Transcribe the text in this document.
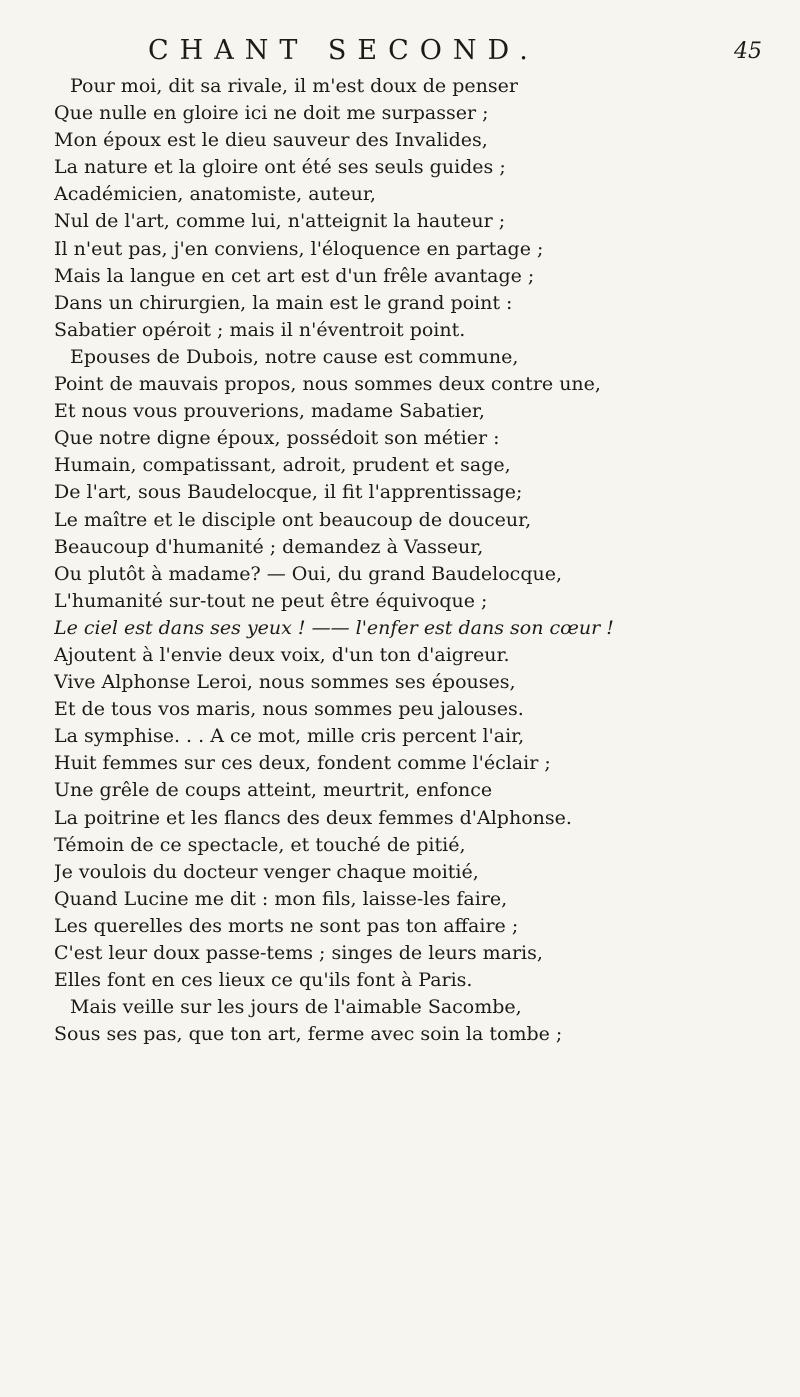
CHANT SECOND.	45
Pour moi, dit sa rivale, il m'est doux de penser
Que nulle en gloire ici ne doit me surpasser ;
Mon époux est le dieu sauveur des Invalides,
La nature et la gloire ont été ses seuls guides ;
Académicien, anatomiste, auteur,
Nul de l'art, comme lui, n'atteignit la hauteur ;
Il n'eut pas, j'en conviens, l'éloquence en partage ;
Mais la langue en cet art est d'un frêle avantage ;
Dans un chirurgien, la main est le grand point :
Sabatier opéroit ; mais il n'éventroit point.
Epouses de Dubois, notre cause est commune,
Point de mauvais propos, nous sommes deux contre une,
Et nous vous prouverions, madame Sabatier,
Que notre digne époux, possédoit son métier :
Humain, compatissant, adroit, prudent et sage,
De l'art, sous Baudelocque, il fit l'apprentissage;
Le maître et le disciple ont beaucoup de douceur,
Beaucoup d'humanité ; demandez à Vasseur,
Ou plutôt à madame? — Oui, du grand Baudelocque,
L'humanité sur-tout ne peut être équivoque ;
Le ciel est dans ses yeux ! —— l'enfer est dans son cœur !
Ajoutent à l'envie deux voix, d'un ton d'aigreur.
Vive Alphonse Leroi, nous sommes ses épouses,
Et de tous vos maris, nous sommes peu jalouses.
La symphise. . . A ce mot, mille cris percent l'air,
Huit femmes sur ces deux, fondent comme l'éclair ;
Une grêle de coups atteint, meurtrit, enfonce
La poitrine et les flancs des deux femmes d'Alphonse.
Témoin de ce spectacle, et touché de pitié,
Je voulois du docteur venger chaque moitié,
Quand Lucine me dit : mon fils, laisse-les faire,
Les querelles des morts ne sont pas ton affaire ;
C'est leur doux passe-tems ; singes de leurs maris,
Elles font en ces lieux ce qu'ils font à Paris.
Mais veille sur les jours de l'aimable Sacombe,
Sous ses pas, que ton art, ferme avec soin la tombe ;
